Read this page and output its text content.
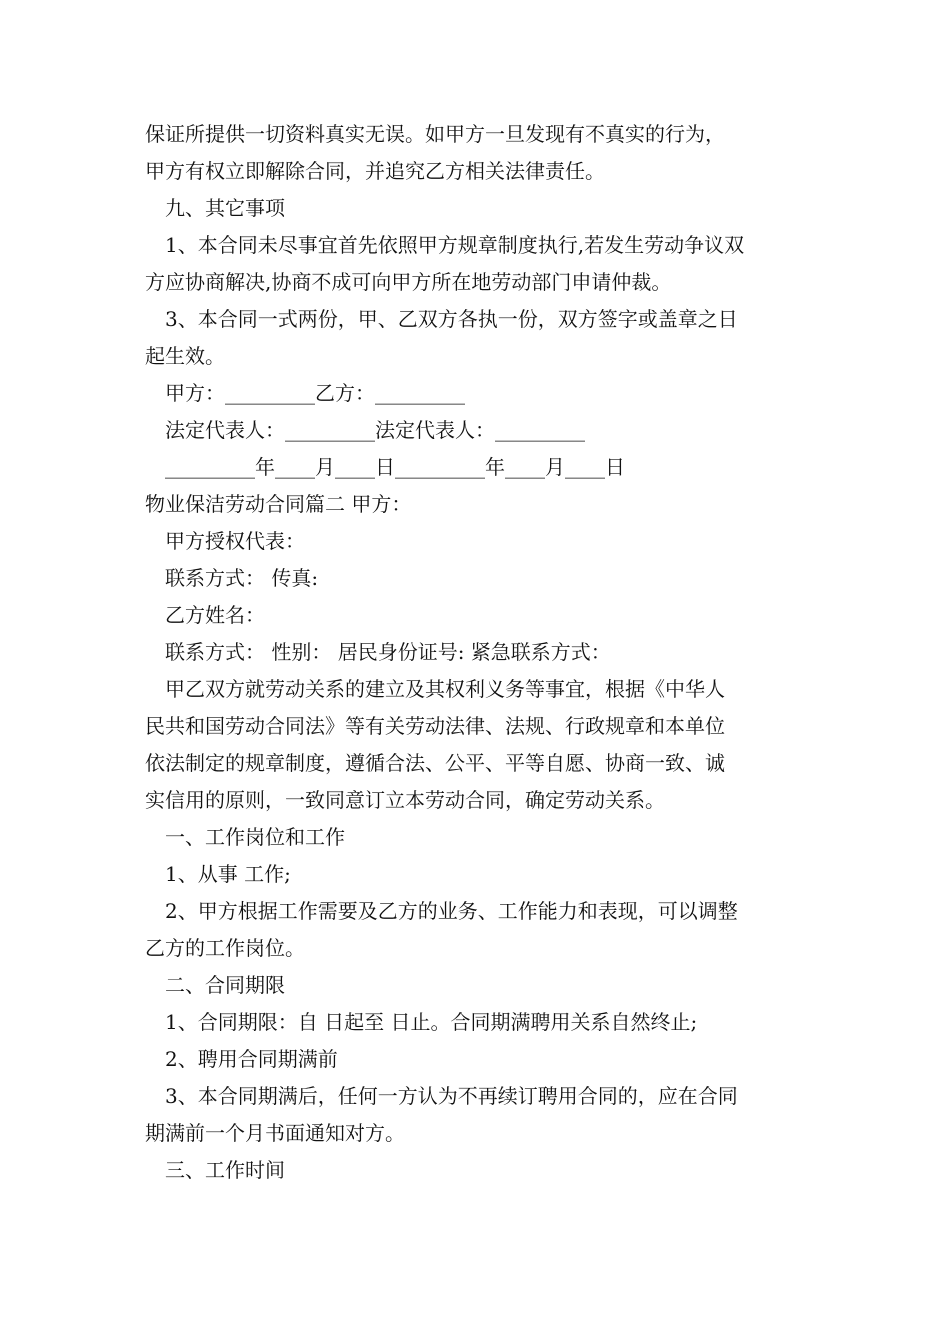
保证所提供一切资料真实无误。如甲方一旦发现有不真实的行为，
甲方有权立即解除合同，并追究乙方相关法律责任。
九、其它事项
1、本合同未尽事宜首先依照甲方规章制度执行,若发生劳动争议双
方应协商解决,协商不成可向甲方所在地劳动部门申请仲裁。
3、本合同一式两份，甲、乙双方各执一份，双方签字或盖章之日
起生效。
甲方：_________乙方：_________
法定代表人：_________法定代表人：_________
_________年____月____日_________年____月____日
物业保洁劳动合同篇二 甲方：
甲方授权代表：
联系方式： 传真:
乙方姓名：
联系方式： 性别： 居民身份证号: 紧急联系方式：
甲乙双方就劳动关系的建立及其权利义务等事宜，根据《中华人
民共和国劳动合同法》等有关劳动法律、法规、行政规章和本单位
依法制定的规章制度，遵循合法、公平、平等自愿、协商一致、诚
实信用的原则，一致同意订立本劳动合同，确定劳动关系。
一、工作岗位和工作
1、从事 工作;
2、甲方根据工作需要及乙方的业务、工作能力和表现，可以调整
乙方的工作岗位。
二、合同期限
1、合同期限：自 日起至 日止。合同期满聘用关系自然终止;
2、聘用合同期满前
3、本合同期满后，任何一方认为不再续订聘用合同的，应在合同
期满前一个月书面通知对方。
三、工作时间
